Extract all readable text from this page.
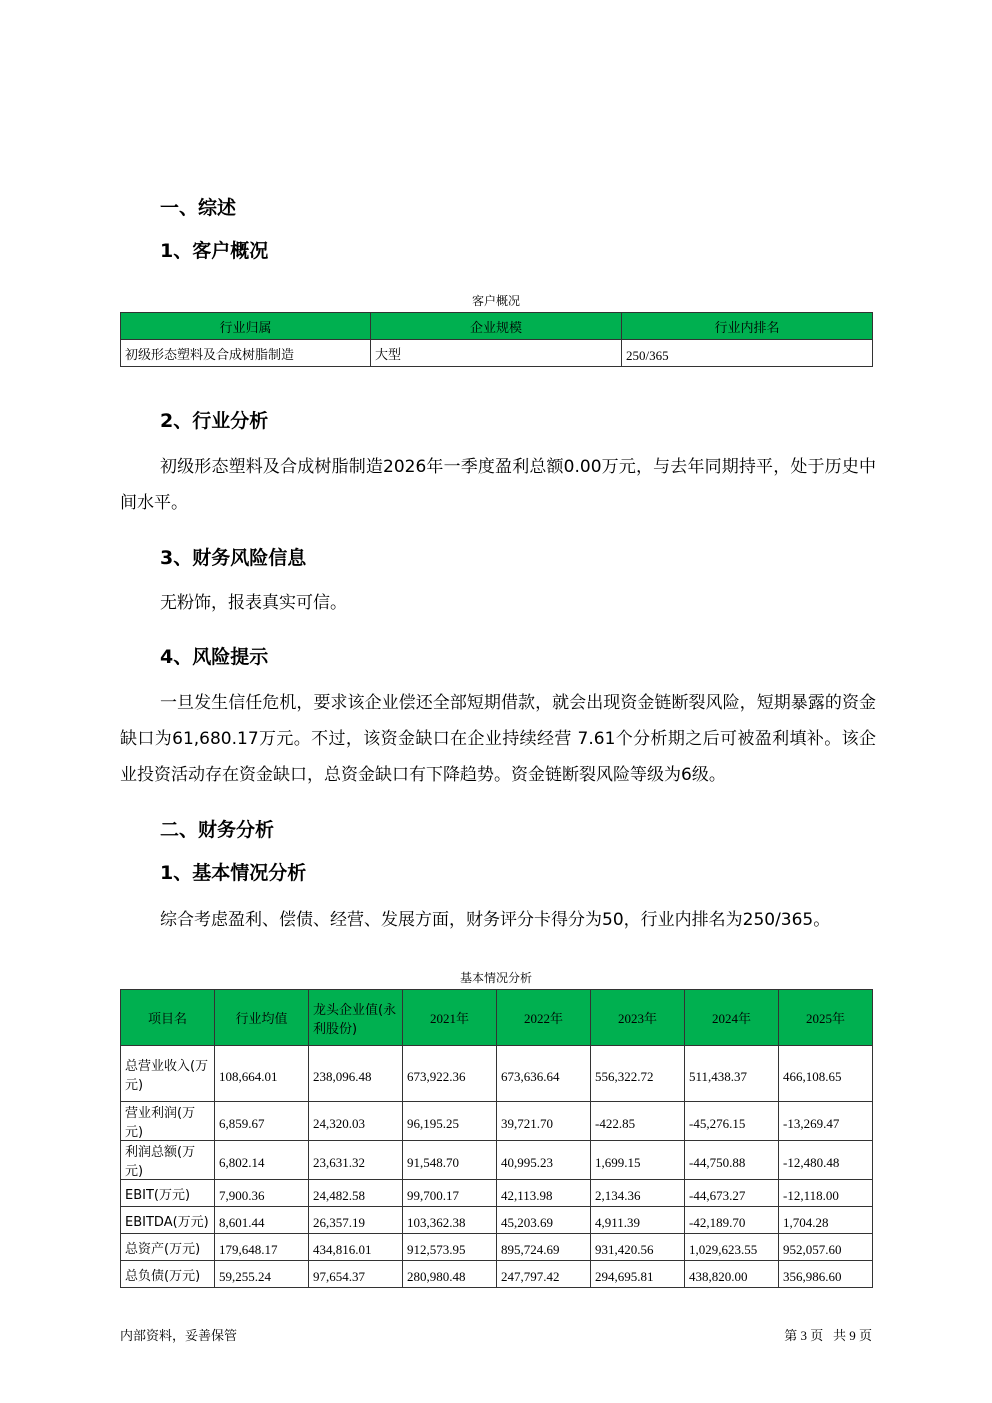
一、综述
1、客户概况
客户概况
行业归属	企业规模	行业内排名
初级形态塑料及合成树脂制造	大型	250/365
2、行业分析
初级形态塑料及合成树脂制造2026年一季度盈利总额0.00万元，与去年同期持平，处于历史中间水平。
3、财务风险信息
无粉饰，报表真实可信。
4、风险提示
一旦发生信任危机，要求该企业偿还全部短期借款，就会出现资金链断裂风险，短期暴露的资金缺口为61,680.17万元。不过，该资金缺口在企业持续经营 7.61个分析期之后可被盈利填补。该企业投资活动存在资金缺口，总资金缺口有下降趋势。资金链断裂风险等级为6级。
二、财务分析
1、基本情况分析
综合考虑盈利、偿债、经营、发展方面，财务评分卡得分为50，行业内排名为250/365。
基本情况分析
项目名	行业均值	龙头企业值(永利股份)	2021年	2022年	2023年	2024年	2025年
总营业收入(万元)	108,664.01	238,096.48	673,922.36	673,636.64	556,322.72	511,438.37	466,108.65
营业利润(万元)	6,859.67	24,320.03	96,195.25	39,721.70	-422.85	-45,276.15	-13,269.47
利润总额(万元)	6,802.14	23,631.32	91,548.70	40,995.23	1,699.15	-44,750.88	-12,480.48
EBIT(万元)	7,900.36	24,482.58	99,700.17	42,113.98	2,134.36	-44,673.27	-12,118.00
EBITDA(万元)	8,601.44	26,357.19	103,362.38	45,203.69	4,911.39	-42,189.70	1,704.28
总资产(万元)	179,648.17	434,816.01	912,573.95	895,724.69	931,420.56	1,029,623.55	952,057.60
总负债(万元)	59,255.24	97,654.37	280,980.48	247,797.42	294,695.81	438,820.00	356,986.60
内部资料，妥善保管	第 3 页   共 9 页
